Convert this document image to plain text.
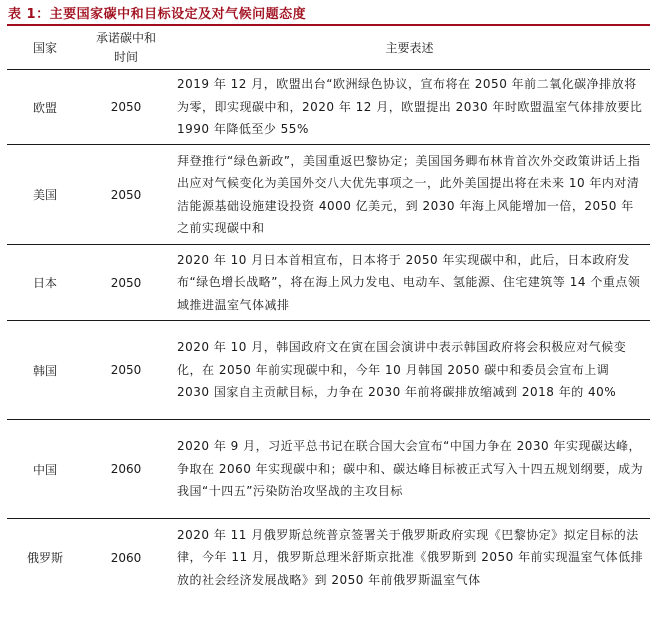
表 1：主要国家碳中和目标设定及对气候问题态度
国家	承诺碳中和时间	主要表述
欧盟	2050	2019 年 12 月，欧盟出台“欧洲绿色协议，宣布将在 2050 年前二氧化碳净排放将为零，即实现碳中和，2020 年 12 月，欧盟提出 2030 年时欧盟温室气体排放要比 1990 年降低至少 55%
美国	2050	拜登推行“绿色新政”，美国重返巴黎协定；美国国务卿布林肯首次外交政策讲话上指出应对气候变化为美国外交八大优先事项之一，此外美国提出将在未来 10 年内对清洁能源基础设施建设投资 4000 亿美元，到 2030 年海上风能增加一倍，2050 年之前实现碳中和
日本	2050	2020 年 10 月日本首相宣布，日本将于 2050 年实现碳中和，此后，日本政府发布“绿色增长战略”，将在海上风力发电、电动车、氢能源、住宅建筑等 14 个重点领域推进温室气体减排
韩国	2050	2020 年 10 月，韩国政府文在寅在国会演讲中表示韩国政府将会积极应对气候变化，在 2050 年前实现碳中和，今年 10 月韩国 2050 碳中和委员会宣布上调 2030 国家自主贡献目标，力争在 2030 年前将碳排放缩减到 2018 年的 40%
中国	2060	2020 年 9 月，习近平总书记在联合国大会宣布“中国力争在 2030 年实现碳达峰，争取在 2060 年实现碳中和；碳中和、碳达峰目标被正式写入十四五规划纲要，成为我国“十四五”污染防治攻坚战的主攻目标
俄罗斯	2060	2020 年 11 月俄罗斯总统普京签署关于俄罗斯政府实现《巴黎协定》拟定目标的法律，今年 11 月，俄罗斯总理米舒斯京批准《俄罗斯到 2050 年前实现温室气体低排放的社会经济发展战略》到 2050 年前俄罗斯温室气体
